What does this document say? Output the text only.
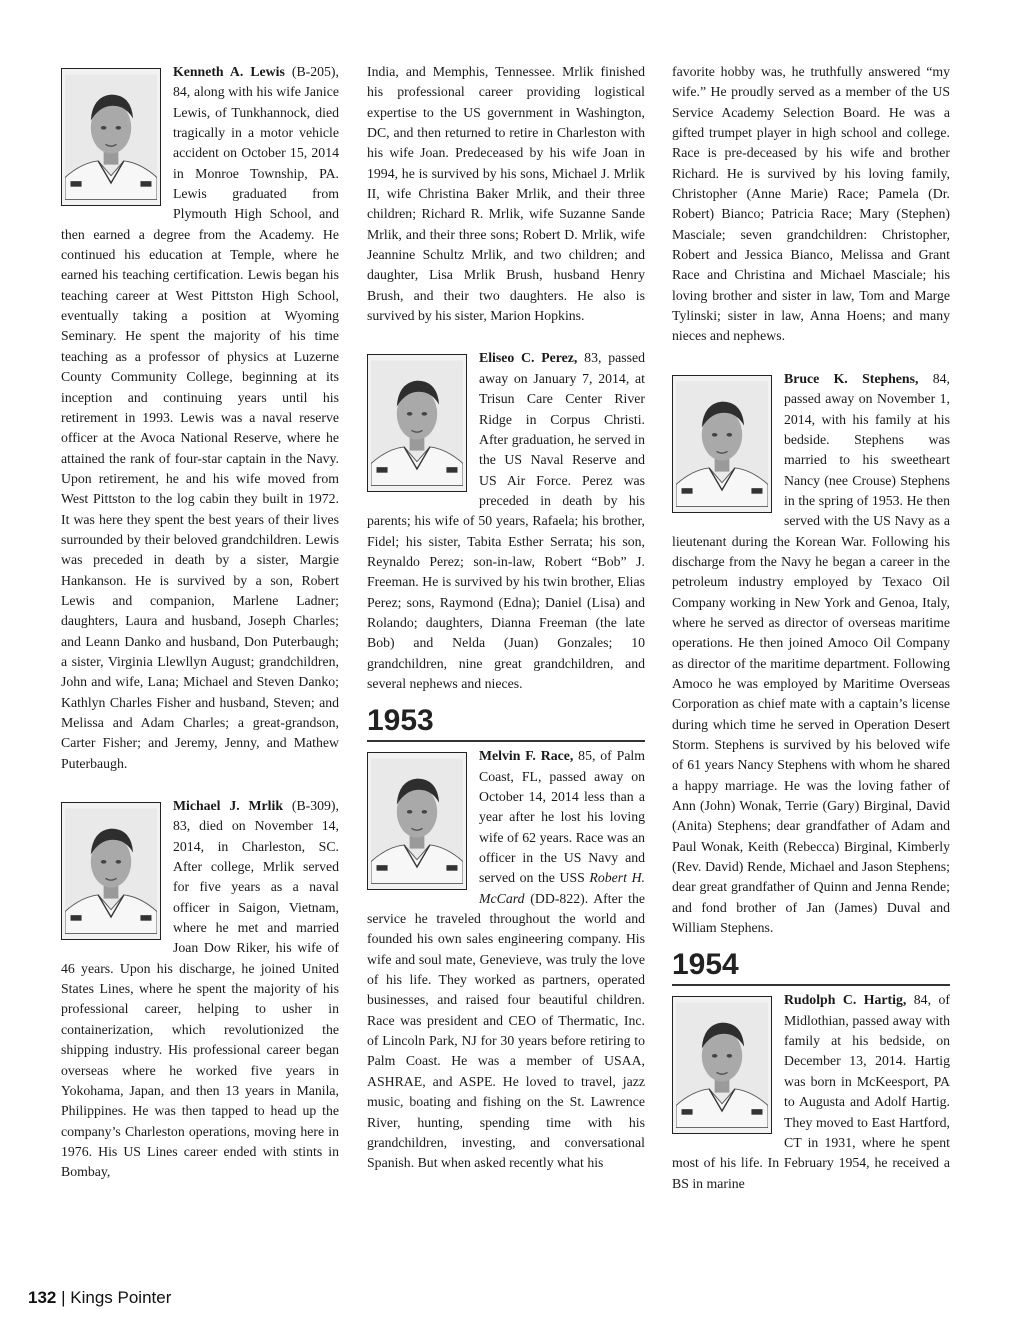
Kenneth A. Lewis (B-205), 84, along with his wife Janice Lewis, of Tunkhannock, died tragically in a motor vehicle accident on October 15, 2014 in Monroe Township, PA. Lewis graduated from Plymouth High School, and then earned a degree from the Academy. He continued his education at Temple, where he earned his teaching certification. Lewis began his teaching career at West Pittston High School, eventually taking a position at Wyoming Seminary. He spent the majority of his time teaching as a professor of physics at Luzerne County Community College, beginning at its inception and continuing years until his retirement in 1993. Lewis was a naval reserve officer at the Avoca National Reserve, where he attained the rank of four-star captain in the Navy. Upon retirement, he and his wife moved from West Pittston to the log cabin they built in 1972. It was here they spent the best years of their lives surrounded by their beloved grandchildren. Lewis was preceded in death by a sister, Margie Hankanson. He is survived by a son, Robert Lewis and companion, Marlene Ladner; daughters, Laura and husband, Joseph Charles; and Leann Danko and husband, Don Puterbaugh; a sister, Virginia Llewllyn August; grandchildren, John and wife, Lana; Michael and Steven Danko; Kathlyn Charles Fisher and husband, Steven; and Melissa and Adam Charles; a great-grandson, Carter Fisher; and Jeremy, Jenny, and Mathew Puterbaugh.

Michael J. Mrlik (B-309), 83, died on November 14, 2014, in Charleston, SC. After college, Mrlik served for five years as a naval officer in Saigon, Vietnam, where he met and married Joan Dow Riker, his wife of 46 years. Upon his discharge, he joined United States Lines, where he spent the majority of his professional career, helping to usher in containerization, which revolutionized the shipping industry. His professional career began overseas where he worked five years in Yokohama, Japan, and then 13 years in Manila, Philippines. He was then tapped to head up the company’s Charleston operations, moving here in 1976. His US Lines career ended with stints in Bombay,

India, and Memphis, Tennessee. Mrlik finished his professional career providing logistical expertise to the US government in Washington, DC, and then returned to retire in Charleston with his wife Joan. Predeceased by his wife Joan in 1994, he is survived by his sons, Michael J. Mrlik II, wife Christina Baker Mrlik, and their three children; Richard R. Mrlik, wife Suzanne Sande Mrlik, and their three sons; Robert D. Mrlik, wife Jeannine Schultz Mrlik, and two children; and daughter, Lisa Mrlik Brush, husband Henry Brush, and their two daughters. He also is survived by his sister, Marion Hopkins.

Eliseo C. Perez, 83, passed away on January 7, 2014, at Trisun Care Center River Ridge in Corpus Christi. After graduation, he served in the US Naval Reserve and US Air Force. Perez was preceded in death by his parents; his wife of 50 years, Rafaela; his brother, Fidel; his sister, Tabita Esther Serrata; his son, Reynaldo Perez; son-in-law, Robert “Bob” J. Freeman. He is survived by his twin brother, Elias Perez; sons, Raymond (Edna); Daniel (Lisa) and Rolando; daughters, Dianna Freeman (the late Bob) and Nelda (Juan) Gonzales; 10 grandchildren, nine great grandchildren, and several nephews and nieces.

1953

Melvin F. Race, 85, of Palm Coast, FL, passed away on October 14, 2014 less than a year after he lost his loving wife of 62 years. Race was an officer in the US Navy and served on the USS Robert H. McCard (DD-822). After the service he traveled throughout the world and founded his own sales engineering company. His wife and soul mate, Genevieve, was truly the love of his life. They worked as partners, operated businesses, and raised four beautiful children. Race was president and CEO of Thermatic, Inc. of Lincoln Park, NJ for 30 years before retiring to Palm Coast. He was a member of USAA, ASHRAE, and ASPE. He loved to travel, jazz music, boating and fishing on the St. Lawrence River, hunting, spending time with his grandchildren, investing, and conversational Spanish. But when asked recently what his

favorite hobby was, he truthfully answered “my wife.” He proudly served as a member of the US Service Academy Selection Board. He was a gifted trumpet player in high school and college. Race is pre-deceased by his wife and brother Richard. He is survived by his loving family, Christopher (Anne Marie) Race; Pamela (Dr. Robert) Bianco; Patricia Race; Mary (Stephen) Masciale; seven grandchildren: Christopher, Robert and Jessica Bianco, Melissa and Grant Race and Christina and Michael Masciale; his loving brother and sister in law, Tom and Marge Tylinski; sister in law, Anna Hoens; and many nieces and nephews.

Bruce K. Stephens, 84, passed away on November 1, 2014, with his family at his bedside. Stephens was married to his sweetheart Nancy (nee Crouse) Stephens in the spring of 1953. He then served with the US Navy as a lieutenant during the Korean War. Following his discharge from the Navy he began a career in the petroleum industry employed by Texaco Oil Company working in New York and Genoa, Italy, where he served as director of overseas maritime operations. He then joined Amoco Oil Company as director of the maritime department. Following Amoco he was employed by Maritime Overseas Corporation as chief mate with a captain’s license during which time he served in Operation Desert Storm. Stephens is survived by his beloved wife of 61 years Nancy Stephens with whom he shared a happy marriage. He was the loving father of Ann (John) Wonak, Terrie (Gary) Birginal, David (Anita) Stephens; dear grandfather of Adam and Paul Wonak, Keith (Rebecca) Birginal, Kimberly (Rev. David) Rende, Michael and Jason Stephens; dear great grandfather of Quinn and Jenna Rende; and fond brother of Jan (James) Duval and William Stephens.

1954

Rudolph C. Hartig, 84, of Midlothian, passed away with family at his bedside, on December 13, 2014. Hartig was born in McKeesport, PA to Augusta and Adolf Hartig. They moved to East Hartford, CT in 1931, where he spent most of his life. In February 1954, he received a BS in marine

132 | Kings Pointer
